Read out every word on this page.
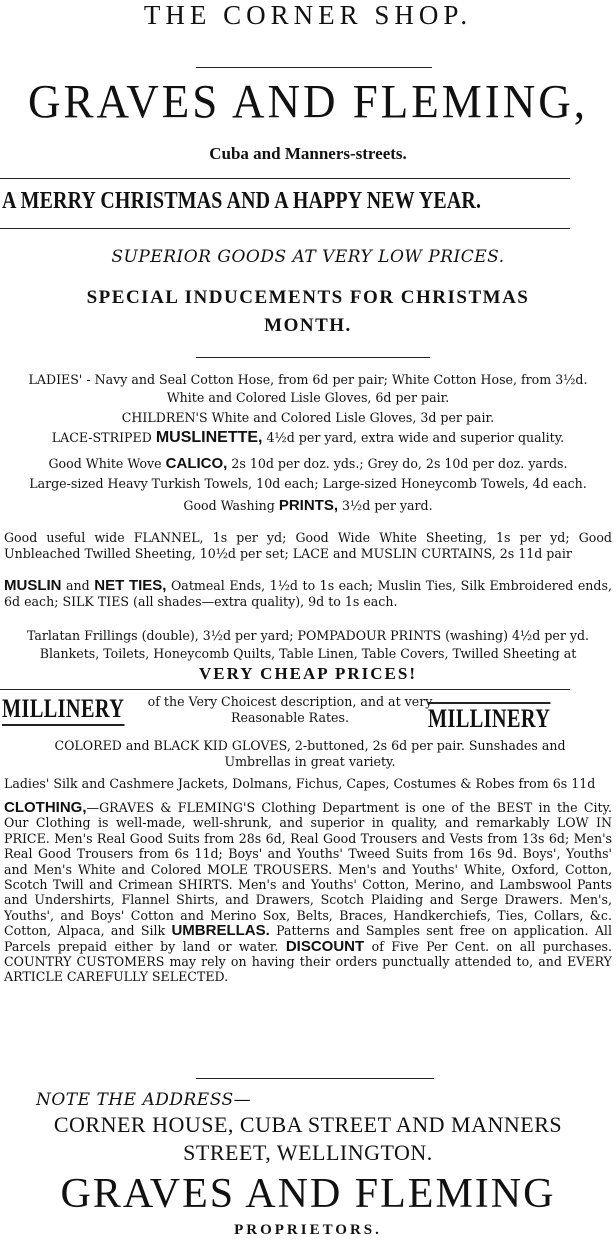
THE CORNER SHOP.
GRAVES AND FLEMING,
Cuba and Manners-streets.
A MERRY CHRISTMAS AND A HAPPY NEW YEAR.
SUPERIOR GOODS AT VERY LOW PRICES.
SPECIAL INDUCEMENTS FOR CHRISTMAS
MONTH.

LADIES' - Navy and Seal Cotton Hose, from 6d per pair; White Cotton Hose, from 3½d.

White and Colored Lisle Gloves, 6d per pair.

CHILDREN'S White and Colored Lisle Gloves, 3d per pair.

LACE-STRIPED MUSLINETTE, 4½d per yard, extra wide and superior quality.

Good White Wove CALICO, 2s 10d per doz. yds.; Grey do, 2s 10d per doz. yards.

Large-sized Heavy Turkish Towels, 10d each; Large-sized Honeycomb Towels, 4d each.

Good Washing PRINTS, 3½d per yard.

Good useful wide FLANNEL, 1s per yd; Good Wide White Sheeting, 1s per yd; Good Unbleached Twilled Sheeting, 10½d per set; LACE and MUSLIN CURTAINS, 2s 11d pair

MUSLIN and NET TIES, Oatmeal Ends, 1½d to 1s each; Muslin Ties, Silk Embroidered ends, 6d each; SILK TIES (all shades—extra quality), 9d to 1s each.

Tarlatan Frillings (double), 3½d per yard; POMPADOUR PRINTS (washing) 4½d per yd.

Blankets, Toilets, Honeycomb Quilts, Table Linen, Table Covers, Twilled Sheeting at

VERY CHEAP PRICES!
MILLINERY	of the Very Choicest description, and at very Reasonable Rates.	MILLINERY

COLORED and BLACK KID GLOVES, 2-buttoned, 2s 6d per pair. Sunshades and Umbrellas in great variety.

Ladies' Silk and Cashmere Jackets, Dolmans, Fichus, Capes, Costumes & Robes from 6s 11d

CLOTHING,—GRAVES & FLEMING'S Clothing Department is one of the BEST in the City. Our Clothing is well-made, well-shrunk, and superior in quality, and remarkably LOW IN PRICE. Men's Real Good Suits from 28s 6d, Real Good Trousers and Vests from 13s 6d; Men's Real Good Trousers from 6s 11d; Boys' and Youths' Tweed Suits from 16s 9d. Boys', Youths' and Men's White and Colored MOLE TROUSERS. Men's and Youths' White, Oxford, Cotton, Scotch Twill and Crimean SHIRTS. Men's and Youths' Cotton, Merino, and Lambswool Pants and Undershirts, Flannel Shirts, and Drawers, Scotch Plaiding and Serge Drawers. Men's, Youths', and Boys' Cotton and Merino Sox, Belts, Braces, Handkerchiefs, Ties, Collars, &c. Cotton, Alpaca, and Silk UMBRELLAS. Patterns and Samples sent free on application. All Parcels prepaid either by land or water. DISCOUNT of Five Per Cent. on all purchases. COUNTRY CUSTOMERS may rely on having their orders punctually attended to, and EVERY ARTICLE CAREFULLY SELECTED.

NOTE THE ADDRESS—
CORNER HOUSE, CUBA STREET AND MANNERS
STREET, WELLINGTON.
GRAVES AND FLEMING
PROPRIETORS.
